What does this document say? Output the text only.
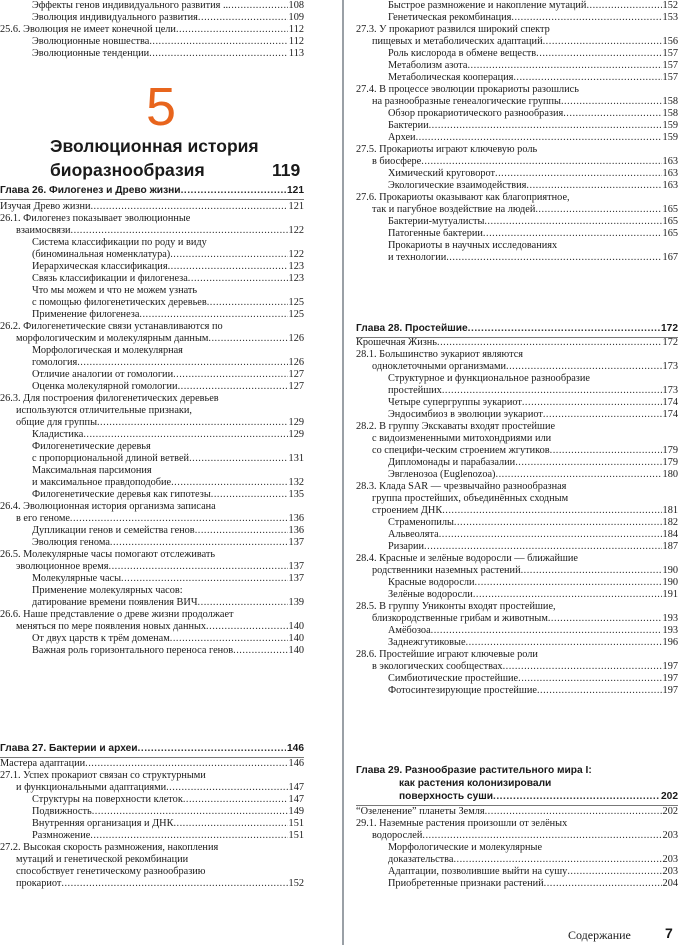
Эффекты генов индивидуального развития .. .....	108
Эволюция индивидуального развития .....	109
25.6. Эволюция не имеет конечной цели .....	112
Эволюционные новшества .....	112
Эволюционные тенденции .....	113
Глава 26. Филогенез и Древо жизни .....	121
Изучая Древо жизни .....	121
26.1. Филогенез показывает эволюционные
взаимосвязи .....	122
Система классификации по роду и виду
(биноминальная номенклатура) .....	122
Иерархическая классификация .....	123
Связь классификации и филогенеза .....	123
Что мы можем и что не можем узнать
с помощью филогенетических деревьев .....	125
Применение филогенеза .....	125
26.2. Филогенетические связи устанавливаются по
морфологическим и молекулярным данным .....	126
Морфологическая и молекулярная
гомология .....	126
Отличие аналогии от гомологии .....	127
Оценка молекулярной гомологии .....	127
26.3. Для построения филогенетических деревьев
используются отличительные признаки,
общие для группы .....	129
Кладистика .....	129
Филогенетические деревья
с пропорциональной длиной ветвей .....	131
Максимальная парсимония
и максимальное правдоподобие .....	132
Филогенетические деревья как гипотезы .....	135
26.4. Эволюционная история организма записана
в его геноме .....	136
Дупликации генов и семейства генов .....	136
Эволюция генома .....	137
26.5. Молекулярные часы помогают отслеживать
эволюционное время .....	137
Молекулярные часы .....	137
Применение молекулярных часов:
датирование времени появления ВИЧ .....	139
26.6. Наше представление о древе жизни продолжает
меняться по мере появления новых данных .....	140
От двух царств к трём доменам .....	140
Важная роль горизонтального переноса генов .....	140
Глава 27. Бактерии и археи .....	146
Мастера адаптации .....	146
27.1. Успех прокариот связан со структурными
и функциональными адаптациями .....	147
Структуры на поверхности клеток .....	147
Подвижность .....	149
Внутренняя организация и ДНК .....	151
Размножение .....	151
27.2. Высокая скорость размножения, накопления
мутаций и генетической рекомбинации
способствует генетическому разнообразию
прокариот .....	152
Быстрое размножение и накопление мутаций .....	152
Генетическая рекомбинация .....	153
27.3. У прокариот развился широкий спектр
пищевых и метаболических адаптаций .....	156
Роль кислорода в обмене веществ .....	157
Метаболизм азота .....	157
Метаболическая кооперация .....	157
27.4. В процессе эволюции прокариоты разошлись
на разнообразные генеалогические группы .....	158
Обзор прокариотического разнообразия .....	158
Бактерии .....	159
Археи .....	159
27.5. Прокариоты играют ключевую роль
в биосфере .....	163
Химический круговорот .....	163
Экологические взаимодействия .....	163
27.6. Прокариоты оказывают как благоприятное,
так и пагубное воздействие на людей .....	165
Бактерии-мутуалисты .....	165
Патогенные бактерии .....	165
Прокариоты в научных исследованиях
и технологии .....	167
Глава 28. Простейшие .....	172
Крошечная Жизнь .....	172
28.1. Большинство эукариот являются
одноклеточными организмами .....	173
Структурное и функциональное разнообразие
простейших .....	173
Четыре супергруппы эукариот .....	174
Эндосимбиоз в эволюции эукариот .....	174
28.2. В группу Экскаваты входят простейшие
с видоизмененными митохондриями или
со специфи-ческим строением жгутиков .....	179
Дипломонады и парабазалии .....	179
Эвгленозоа (Euglenozoa) .....	180
28.3. Клада SAR — чрезвычайно разнообразная
группа простейших, объединённых сходным
строением ДНК .....	181
Страменопилы .....	182
Альвеолята .....	184
Ризарии .....	187
28.4. Красные и зелёные водоросли — ближайшие
родственники наземных растений .....	190
Красные водоросли .....	190
Зелёные водоросли .....	191
28.5. В группу Униконты входят простейшие,
близкородственные грибам и животным .....	193
Амёбозоа .....	193
Заднежгутиковые .....	196
28.6. Простейшие играют ключевые роли
в экологических сообществах .....	197
Симбиотические простейшие .....	197
Фотосинтезирующие простейшие .....	197
Глава 29. Разнообразие растительного мира I:
как растения колонизировали
поверхность суши .....	202
“Озеленение” планеты Земля .....	202
29.1. Наземные растения произошли от зелёных
водорослей .....	203
Морфологические и молекулярные
доказательства .....	203
Адаптации, позволившие выйти на сушу .....	203
Приобретенные признаки растений .....	204
5
Эволюционная история
биоразнообразия	119
Содержание 7
